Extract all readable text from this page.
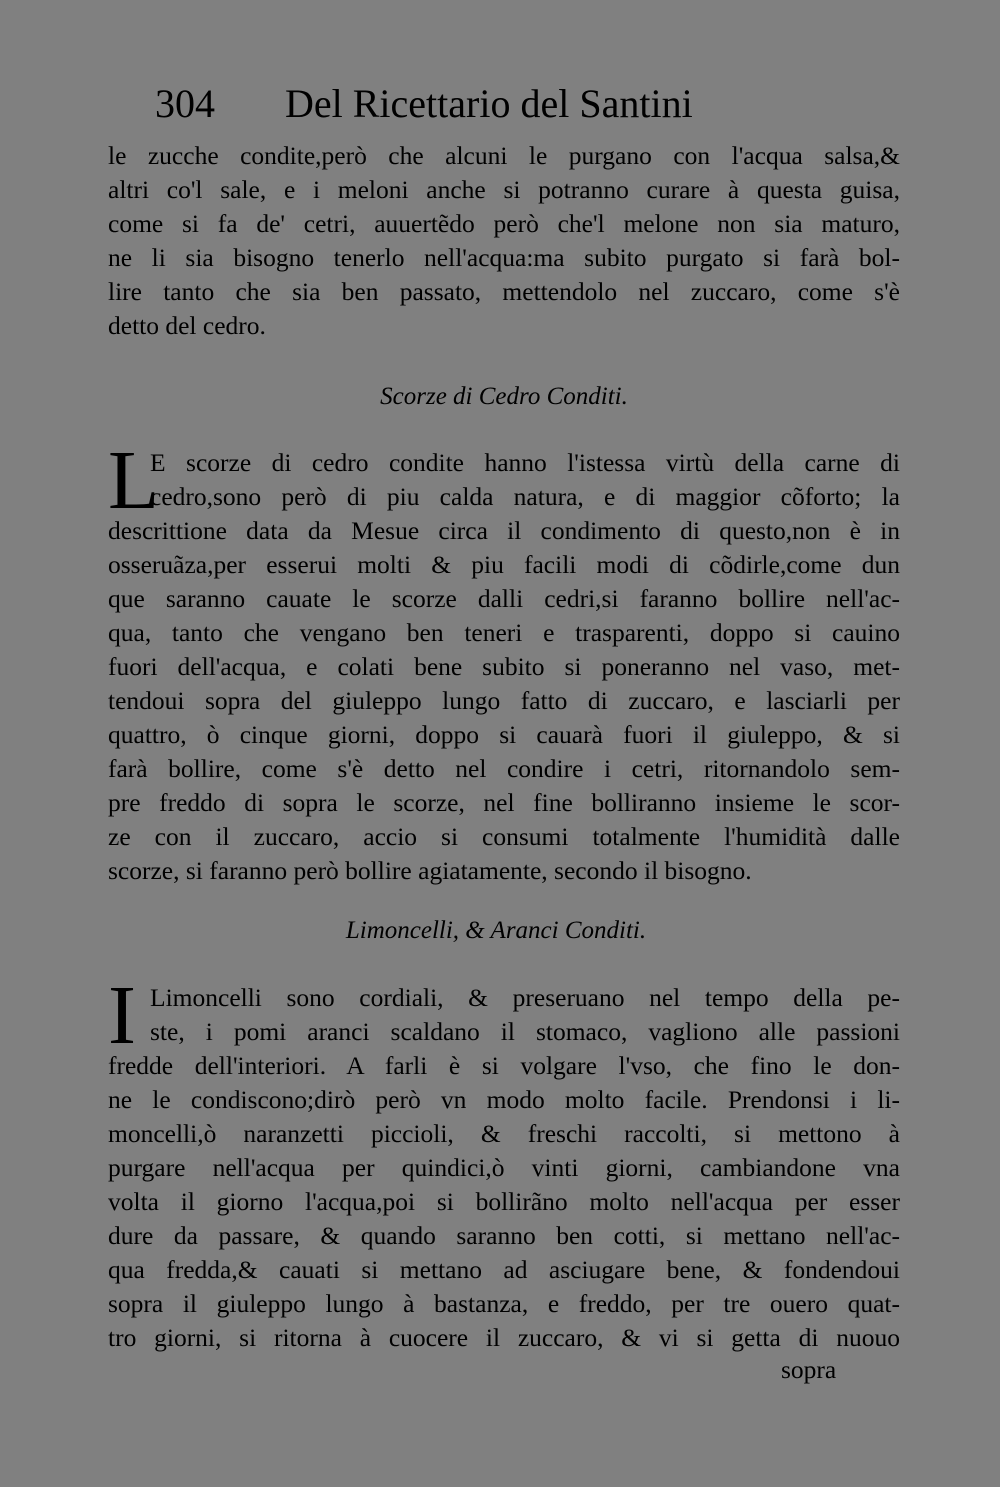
304 Del Ricettario del Santini
le zucche condite,però che alcuni le purgano con l'acqua salsa,&
altri co'l sale, e i meloni anche si potranno curare à questa guisa,
come si fa de' cetri, auuertẽdo però che'l melone non sia maturo,
ne li sia bisogno tenerlo nell'acqua:ma subito purgato si farà bol-
lire tanto che sia ben passato, mettendolo nel zuccaro, come s'è
detto del cedro.
Scorze di Cedro Conditi.
L
E scorze di cedro condite hanno l'istessa virtù della carne di
cedro,sono però di piu calda natura, e di maggior cõforto; la
descrittione data da Mesue circa il condimento di questo,non è in
osseruãza,per esserui molti & piu facili modi di cõdirle,come dun
que saranno cauate le scorze dalli cedri,si faranno bollire nell'ac-
qua, tanto che vengano ben teneri e trasparenti, doppo si cauino
fuori dell'acqua, e colati bene subito si poneranno nel vaso, met-
tendoui sopra del giuleppo lungo fatto di zuccaro, e lasciarli per
quattro, ò cinque giorni, doppo si cauarà fuori il giuleppo, & si
farà bollire, come s'è detto nel condire i cetri, ritornandolo sem-
pre freddo di sopra le scorze, nel fine bolliranno insieme le scor-
ze con il zuccaro, accio si consumi totalmente l'humidità dalle
scorze, si faranno però bollire agiatamente, secondo il bisogno.
Limoncelli, & Aranci Conditi.
I Limoncelli sono cordiali, & preseruano nel tempo della pe-
ste, i pomi aranci scaldano il stomaco, vagliono alle passioni
fredde dell'interiori. A farli è si volgare l'vso, che fino le don-
ne le condiscono;dirò però vn modo molto facile. Prendonsi i li-
moncelli,ò naranzetti piccioli, & freschi raccolti, si mettono à
purgare nell'acqua per quindici,ò vinti giorni, cambiandone vna
volta il giorno l'acqua,poi si bollirãno molto nell'acqua per esser
dure da passare, & quando saranno ben cotti, si mettano nell'ac-
qua fredda,& cauati si mettano ad asciugare bene, & fondendoui
sopra il giuleppo lungo à bastanza, e freddo, per tre ouero quat-
tro giorni, si ritorna à cuocere il zuccaro, & vi si getta di nuouo
sopra
